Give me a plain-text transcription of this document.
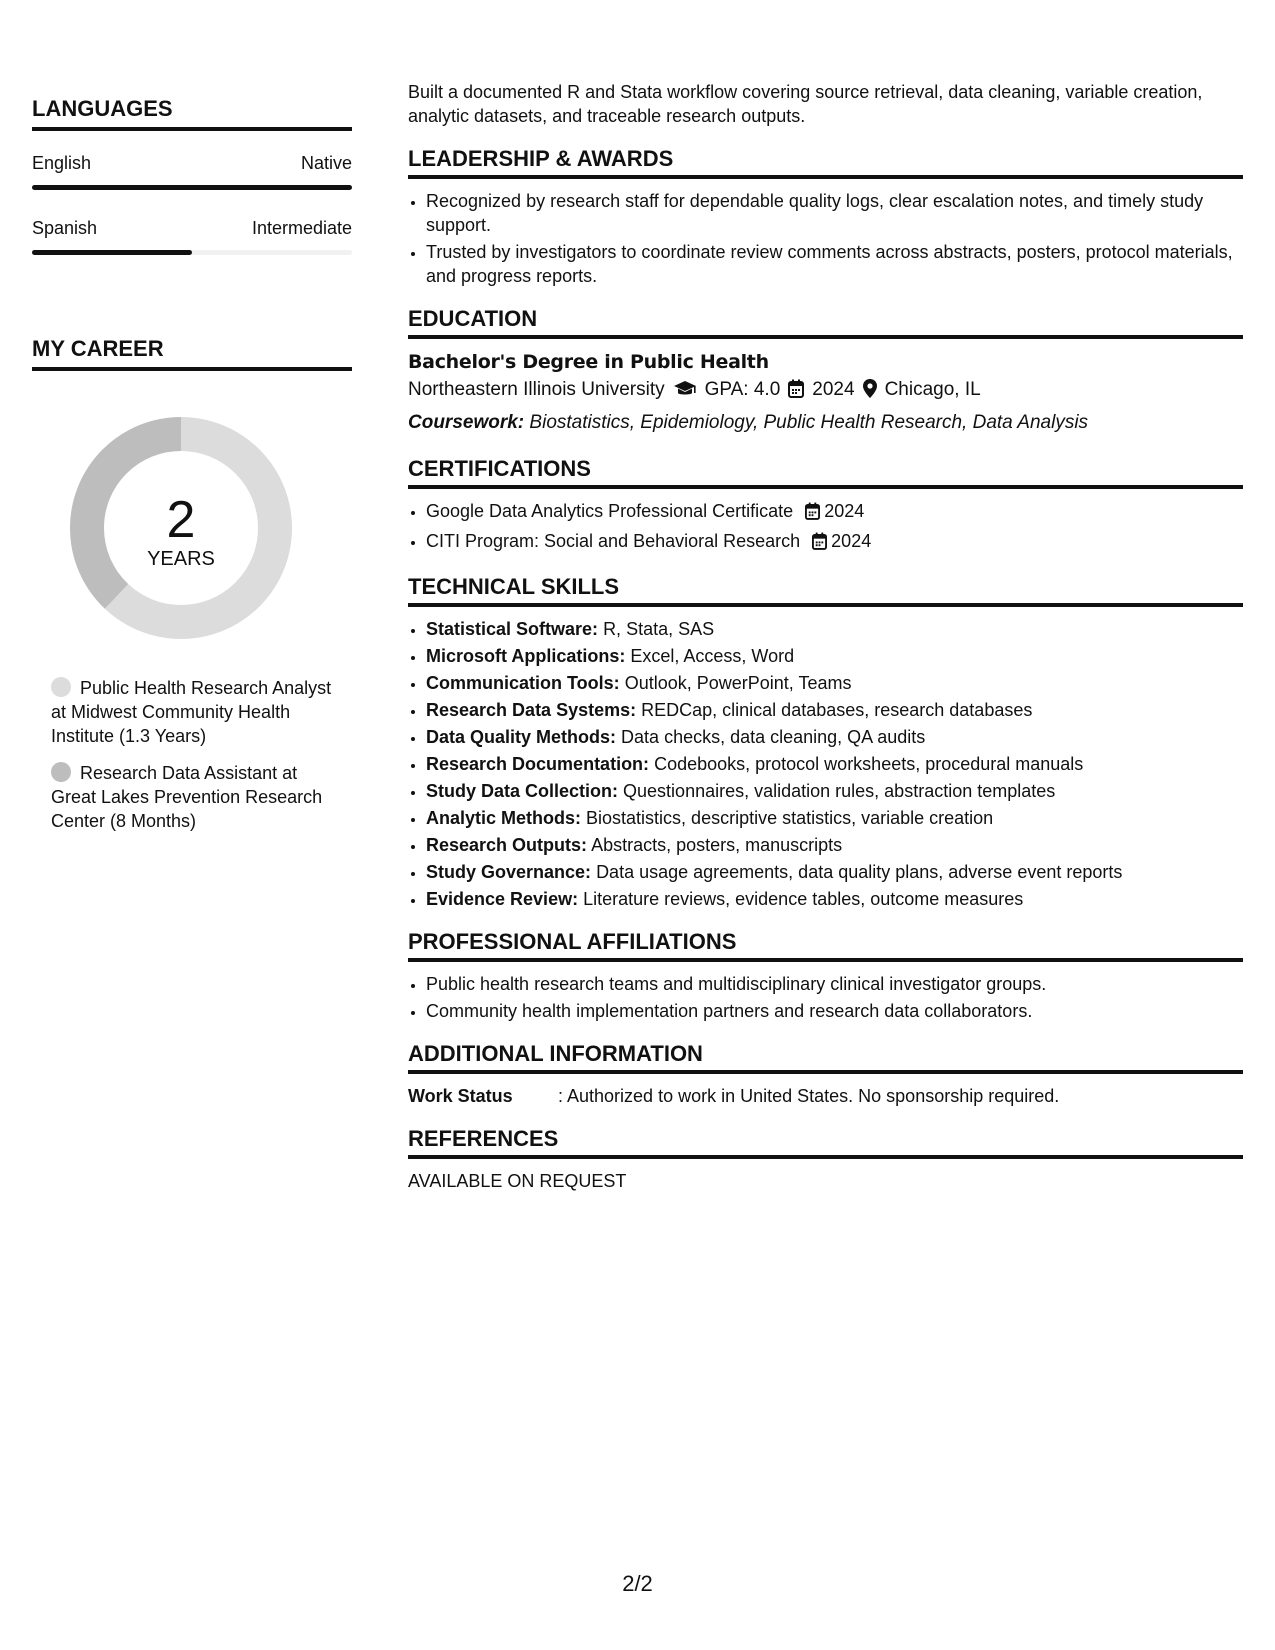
LANGUAGES
English	Native
Spanish	Intermediate
MY CAREER
2
YEARS
Public Health Research Analyst at Midwest Community Health Institute (1.3 Years)
Research Data Assistant at Great Lakes Prevention Research Center (8 Months)

Built a documented R and Stata workflow covering source retrieval, data cleaning, variable creation, analytic datasets, and traceable research outputs.

LEADERSHIP & AWARDS
• Recognized by research staff for dependable quality logs, clear escalation notes, and timely study support.
• Trusted by investigators to coordinate review comments across abstracts, posters, protocol materials, and progress reports.
EDUCATION
Bachelor's Degree in Public Health
Northeastern Illinois University GPA: 4.0 2024 Chicago, IL
Coursework: Biostatistics, Epidemiology, Public Health Research, Data Analysis
CERTIFICATIONS
• Google Data Analytics Professional Certificate 2024
• CITI Program: Social and Behavioral Research 2024
TECHNICAL SKILLS
• Statistical Software: R, Stata, SAS
• Microsoft Applications: Excel, Access, Word
• Communication Tools: Outlook, PowerPoint, Teams
• Research Data Systems: REDCap, clinical databases, research databases
• Data Quality Methods: Data checks, data cleaning, QA audits
• Research Documentation: Codebooks, protocol worksheets, procedural manuals
• Study Data Collection: Questionnaires, validation rules, abstraction templates
• Analytic Methods: Biostatistics, descriptive statistics, variable creation
• Research Outputs: Abstracts, posters, manuscripts
• Study Governance: Data usage agreements, data quality plans, adverse event reports
• Evidence Review: Literature reviews, evidence tables, outcome measures
PROFESSIONAL AFFILIATIONS
• Public health research teams and multidisciplinary clinical investigator groups.
• Community health implementation partners and research data collaborators.
ADDITIONAL INFORMATION
Work Status	: Authorized to work in United States. No sponsorship required.
REFERENCES

AVAILABLE ON REQUEST

2/2
